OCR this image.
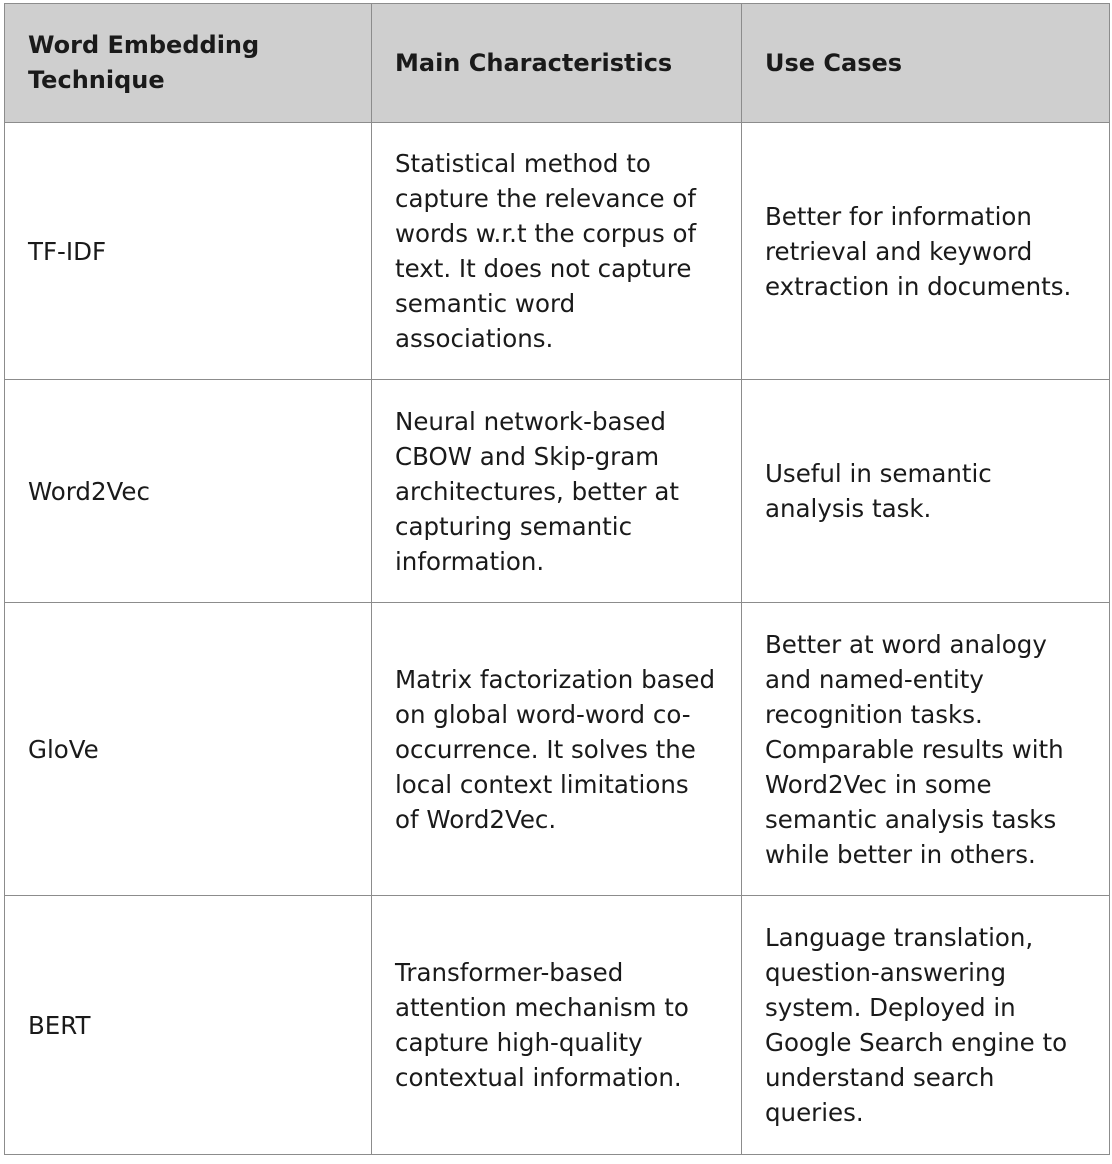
Word Embedding Technique	Main Characteristics	Use Cases
TF-IDF	Statistical method to capture the relevance of words w.r.t the corpus of text. It does not capture semantic word associations.	Better for information retrieval and keyword extraction in documents.
Word2Vec	Neural network-based CBOW and Skip-gram architectures, better at capturing semantic information.	Useful in semantic analysis task.
GloVe	Matrix factorization based on global word-word co-occurrence. It solves the local context limitations of Word2Vec.	Better at word analogy and named-entity recognition tasks. Comparable results with Word2Vec in some semantic analysis tasks while better in others.
BERT	Transformer-based attention mechanism to capture high-quality contextual information.	Language translation, question-answering system. Deployed in Google Search engine to understand search queries.
